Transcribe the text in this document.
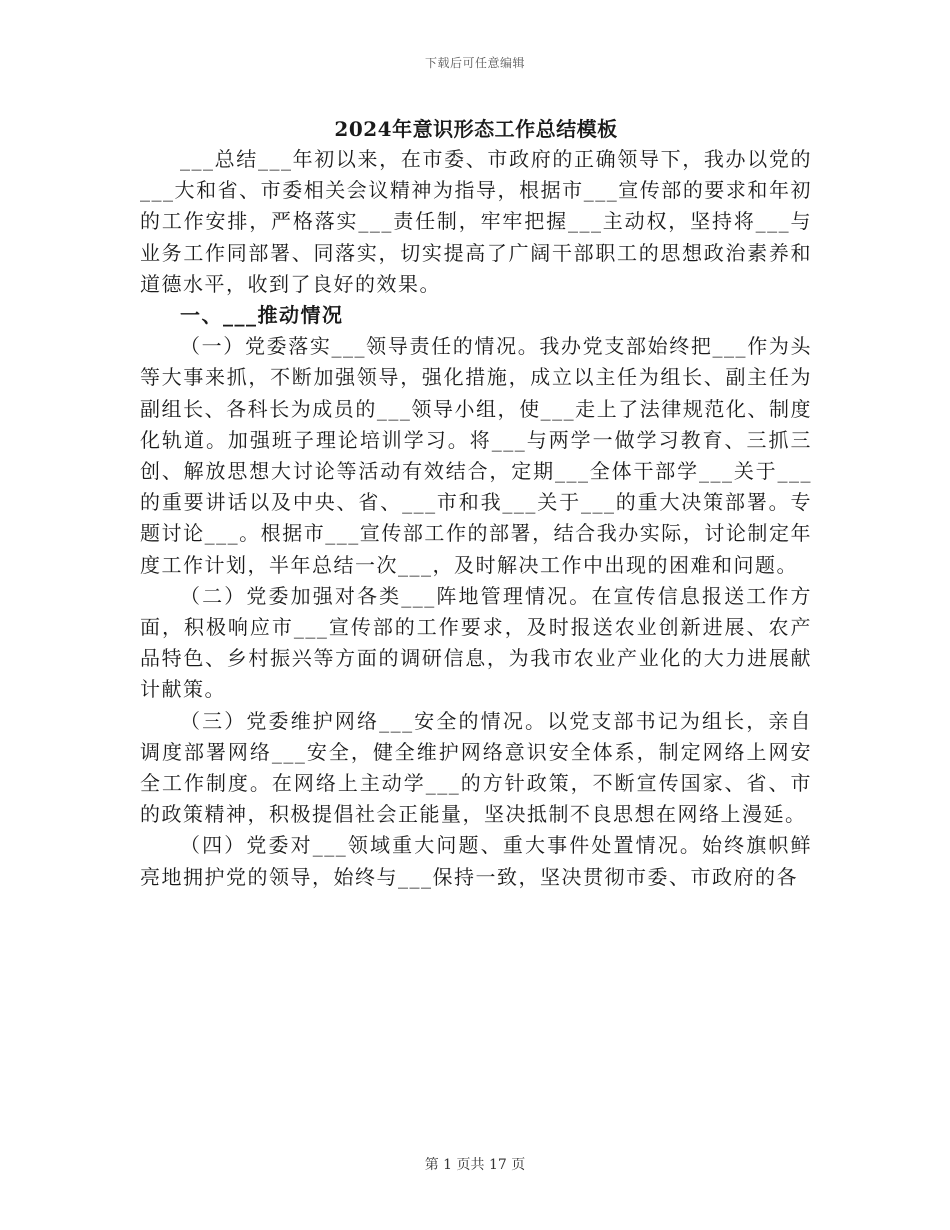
下载后可任意编辑
2024年意识形态工作总结模板

___总结___年初以来，在市委、市政府的正确领导下，我办以党的___大和省、市委相关会议精神为指导，根据市___宣传部的要求和年初的工作安排，严格落实___责任制，牢牢把握___主动权，坚持将___与业务工作同部署、同落实，切实提高了广阔干部职工的思想政治素养和道德水平，收到了良好的效果。

一、___推动情况

（一）党委落实___领导责任的情况。我办党支部始终把___作为头等大事来抓，不断加强领导，强化措施，成立以主任为组长、副主任为副组长、各科长为成员的___领导小组，使___走上了法律规范化、制度化轨道。加强班子理论培训学习。将___与两学一做学习教育、三抓三创、解放思想大讨论等活动有效结合，定期___全体干部学___关于___的重要讲话以及中央、省、___市和我___关于___的重大决策部署。专题讨论___。根据市___宣传部工作的部署，结合我办实际，讨论制定年度工作计划，半年总结一次___，及时解决工作中出现的困难和问题。

（二）党委加强对各类___阵地管理情况。在宣传信息报送工作方面，积极响应市___宣传部的工作要求，及时报送农业创新进展、农产品特色、乡村振兴等方面的调研信息，为我市农业产业化的大力进展献计献策。

（三）党委维护网络___安全的情况。以党支部书记为组长，亲自调度部署网络___安全，健全维护网络意识安全体系，制定网络上网安全工作制度。在网络上主动学___的方针政策，不断宣传国家、省、市的政策精神，积极提倡社会正能量，坚决抵制不良思想在网络上漫延。

（四）党委对___领域重大问题、重大事件处置情况。始终旗帜鲜亮地拥护党的领导，始终与___保持一致，坚决贯彻市委、市政府的各

第 1 页共 17 页
